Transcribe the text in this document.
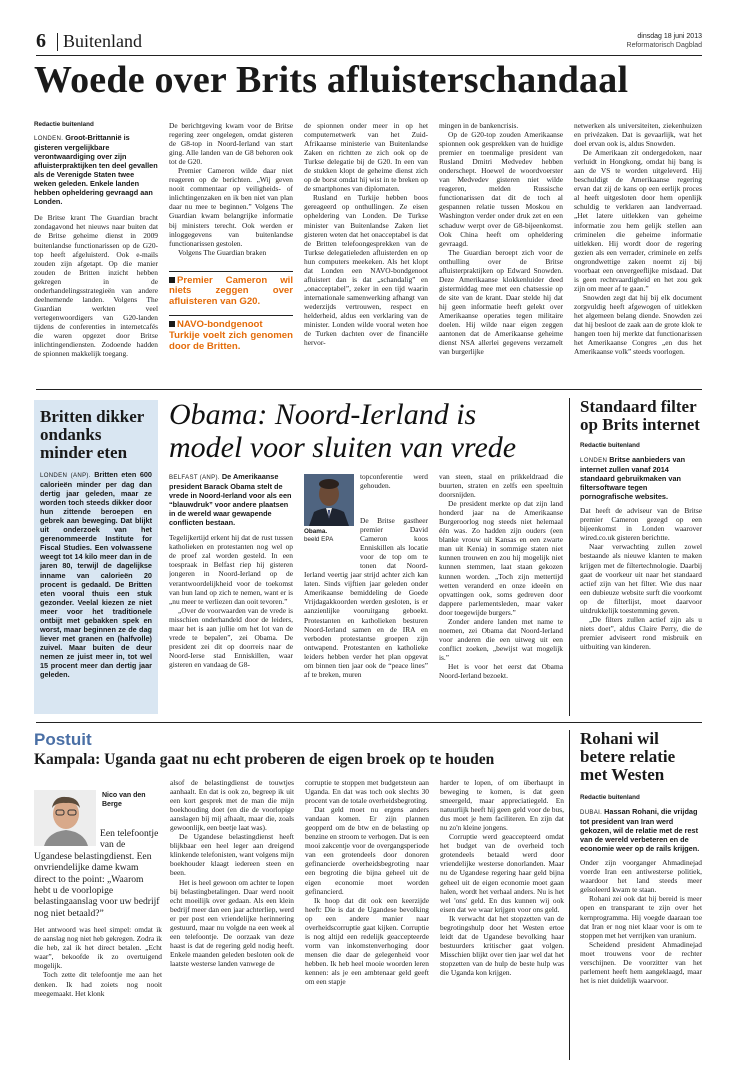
6 Buitenland	dinsdag 18 juni 2013
Reformatorisch Dagblad
Woede over Brits afluisterschandaal
Redactie buitenland
LONDEN. Groot-Brittannië is gisteren vergelijkbare verontwaardiging over zijn afluisterpraktijken ten deel gevallen als de Verenigde Staten twee weken geleden. Enkele landen hebben opheldering gevraagd aan Londen.

De Britse krant The Guardian bracht zondagavond het nieuws naar buiten dat de Britse geheime dienst in 2009 buitenlandse functionarissen op de G20-top heeft afgeluisterd. Ook e-mails zouden zijn afgetapt. Op die manier zouden de Britten inzicht hebben gekregen in de onderhandelingsstrategieën van andere deelnemende landen. Volgens The Guardian werkten veel vertegenwoordigers van G20-landen tijdens de conferenties in internetcafés die waren opgezet door Britse inlichtingendiensten. Zodoende hadden de spionnen makkelijk toegang.

De berichtgeving kwam voor de Britse regering zeer ongelegen, omdat gisteren de G8-top in Noord-Ierland van start ging. Alle landen van de G8 behoren ook tot de G20.

Premier Cameron wilde daar niet reageren op de berichten. „Wij geven nooit commentaar op veiligheids- of inlichtingenzaken en ik ben niet van plan daar nu mee te beginnen.” Volgens The Guardian kwam belangrijke informatie bij ministers terecht. Ook werden er inloggegevens van buitenlandse functionarissen gestolen.

Volgens The Guardian braken

Premier Cameron wil niets zeggen over afluisteren van G20.
NAVO-bondgenoot Turkije voelt zich genomen door de Britten.

de spionnen onder meer in op het computernetwerk van het Zuid-Afrikaanse ministerie van Buitenlandse Zaken en richtten ze zich ook op de Turkse delegatie bij de G20. In een van de stukken klopt de geheime dienst zich op de borst omdat hij wist in te breken op de smartphones van diplomaten.

Rusland en Turkije hebben boos gereageerd op onthullingen. Ze eisen opheldering van Londen. De Turkse minister van Buitenlandse Zaken liet gisteren weten dat het onacceptabel is dat de Britten telefoongesprekken van de Turkse delegatieleden afluisterden en op hun computers meekeken. Als het klopt dat Londen een NAVO-bondgenoot afluistert dan is dat „schandalig” en „onacceptabel”, zeker in een tijd waarin internationale samenwerking afhangt van wederzijds vertrouwen, respect en helderheid, aldus een verklaring van de minister. Londen wilde vooral weten hoe de Turken dachten over de financiële hervor-

mingen in de bankencrisis.

Op de G20-top zouden Amerikaanse spionnen ook gesprekken van de huidige premier en toenmalige president van Rusland Dmitri Medvedev hebben onderschept. Hoewel de woordvoerster van Medvedev gisteren niet wilde reageren, melden Russische functionarissen dat dit de toch al gespannen relatie tussen Moskou en Washington verder onder druk zet en een schaduw werpt over de G8-bijeenkomst. Ook China heeft om opheldering gevraagd.

The Guardian beroept zich voor de onthulling over de Britse afluisterpraktijken op Edward Snowden. Deze Amerikaanse klokkenluider deed gistermiddag mee met een chatsessie op de site van de krant. Daar stelde hij dat hij geen informatie heeft gelekt over Amerikaanse operaties tegen militaire doelen. Hij wilde naar eigen zeggen aantonen dat de Amerikaanse geheime dienst NSA allerlei gegevens verzamelt van burgerlijke

netwerken als universiteiten, ziekenhuizen en privézaken. Dat is gevaarlijk, wat het doel ervan ook is, aldus Snowden.

De Amerikaan zit ondergedoken, naar verluidt in Hongkong, omdat hij bang is aan de VS te worden uitgeleverd. Hij beschuldigt de Amerikaanse regering ervan dat zij de kans op een eerlijk proces al heeft uitgesloten door hem openlijk schuldig te verklaren aan landverraad. „Het latere uitlekken van geheime informatie zou hem gelijk stellen aan criminelen die geheime informatie uitlekken. Hij wordt door de regering gezien als een verrader, criminele en zelfs ongrondwettige zaken noemt zij bij voorbaat een onvergeeflijke misdaad. Dat is geen rechtvaardigheid en het zou gek zijn om meer af te gaan.”

Snowden zegt dat hij bij elk document zorgvuldig heeft afgewogen of uitlekken het algemeen belang diende. Snowden zei dat hij besloot de zaak aan de grote klok te hangen toen hij merkte dat functionarissen het Amerikaanse Congres „en dus het Amerikaanse volk” steeds voorlogen.

Britten dikker ondanks minder eten
LONDEN (ANP). Britten eten 600 calorieën minder per dag dan dertig jaar geleden, maar ze worden toch steeds dikker door hun zittende beroepen en gebrek aan beweging. Dat blijkt uit onderzoek van het gerenommeerde Institute for Fiscal Studies. Een volwassene weegt tot 14 kilo meer dan in de jaren 80, terwijl de dagelijkse inname van calorieën 20 procent is gedaald. De Britten eten vooral thuis een stuk gezonder. Veelal kiezen ze niet meer voor het traditionele ontbijt met gebakken spek en worst, maar beginnen ze de dag liever met granen en (halfvolle) zuivel. Maar buiten de deur nemen ze juist meer in, tot wel 15 procent meer dan dertig jaar geleden.
Obama: Noord-Ierland is
model voor sluiten van vrede
BELFAST (ANP). De Amerikaanse president Barack Obama stelt de vrede in Noord-Ierland voor als een “blauwdruk” voor andere plaatsen in de wereld waar gewapende conflicten bestaan.

Tegelijkertijd erkent hij dat de rust tussen katholieken en protestanten nog wel op de proef zal worden gesteld. In een toespraak in Belfast riep hij gisteren jongeren in Noord-Ierland op de verantwoordelijkheid voor de toekomst van hun land op zich te nemen, want er is „nu meer te verliezen dan ooit tevoren.”

„Over de voorwaarden van de vrede is misschien onderhandeld door de leiders, maar het is aan jullie om het lot van de vrede te bepalen”, zei Obama. De president zei dit op doorreis naar de Noord-Ierse stad Enniskillen, waar gisteren en vandaag de G8-

Obama.
beeld EPA

topconferentie werd gehouden.

De Britse gastheer premier David Cameron koos Enniskillen als locatie voor de top om te tonen dat Noord-Ierland veertig jaar strijd achter zich kan laten. Sinds vijftien jaar geleden onder Amerikaanse bemiddeling de Goede Vrijdagakkoorden werden gesloten, is er aanzienlijke vooruitgang geboekt. Protestanten en katholieken besturen Noord-Ierland samen en de IRA en verboden protestantse groepen zijn ontwapend. Protestanten en katholieke leiders hebben verder het plan opgevat om binnen tien jaar ook de “peace lines” af te breken, muren

van steen, staal en prikkeldraad die buurten, straten en zelfs een speeltuin doorsnijden.

De president merkte op dat zijn land honderd jaar na de Amerikaanse Burgeroorlog nog steeds niet helemaal één was. Zo hadden zijn ouders (een blanke vrouw uit Kansas en een zwarte man uit Kenia) in sommige staten niet kunnen trouwen en zou hij mogelijk niet kunnen stemmen, laat staan gekozen kunnen worden. „Toch zijn mettertijd wetten veranderd en onze ideeën en opvattingen ook, soms gedreven door dappere parlementsleden, maar vaker door toegewijde burgers.”

Zonder andere landen met name te noemen, zei Obama dat Noord-Ierland voor anderen die een uitweg uit een conflict zoeken, „bewijst wat mogelijk is.”

Het is voor het eerst dat Obama Noord-Ierland bezoekt.

Standaard filter op Brits internet
Redactie buitenland
LONDEN Britse aanbieders van internet zullen vanaf 2014 standaard gebruikmaken van filtersoftware tegen pornografische websites.

Dat heeft de adviseur van de Britse premier Cameron gezegd op een bijeenkomst in Londen waarover wired.co.uk gisteren berichtte.

Naar verwachting zullen zowel bestaande als nieuwe klanten te maken krijgen met de filtertechnologie. Daarbij gaat de voorkeur uit naar het standaard actief zijn van het filter. Wie dus naar een dubieuze website surft die voorkomt op de filterlijst, moet daarvoor uitdrukkelijk toestemming geven.

„De filters zullen actief zijn als u niets doet”, aldus Claire Perry, die de premier adviseert rond misbruik en uitbuiting van kinderen.

Postuit
Kampala: Uganda gaat nu echt proberen de eigen broek op te houden
Nico van den Berge
Een telefoontje van de Ugandese belastingdienst. Een onvriendelijke dame kwam direct to the point: „Waarom hebt u de voorlopige belastingaanslag voor uw bedrijf nog niet betaald?”

Het antwoord was heel simpel: omdat ik de aanslag nog niet heb gekregen. Zodra ik die heb, zal ik het direct betalen. „Echt waar”, bekoofde ik zo overtuigend mogelijk.

Toch zette dit telefoontje me aan het denken. Ik had zoiets nog nooit meegemaakt. Het klonk

alsof de belastingdienst de touwtjes aanhaalt. En dat is ook zo, begreep ik uit een kort gesprek met de man die mijn boekhouding doet (en die de voorlopige aanslagen bij mij afhaalt, maar die, zoals gewoonlijk, een beetje laat was).

De Ugandese belastingdienst heeft blijkbaar een heel leger aan dreigend klinkende telefonisten, want volgens mijn boekhouder klaagt iedereen steen en been.

Het is heel gewoon om achter te lopen bij belastingbetalingen. Daar werd nooit echt moeilijk over gedaan. Als een klein bedrijf meer dan een jaar achterliep, werd er per post een vriendelijke herinnering gestuurd, maar nu volgde na een week al een telefoontje. De oorzaak van deze haast is dat de regering geld nodig heeft. Enkele maanden geleden besloten ook de laatste westerse landen vanwege de

corruptie te stoppen met budgetsteun aan Uganda. En dat was toch ook slechts 30 procent van de totale overheidsbegroting.

Dat geld moet nu ergens anders vandaan komen. Er zijn plannen geopperd om de btw en de belasting op benzine en stroom te verhogen. Dat is een mooi zakcentje voor de overgangsperiode van een grotendeels door donoren gefinancierde overheidsbegroting naar een begroting die bijna geheel uit de eigen economie moet worden gefinancierd.

Ik hoop dat dit ook een keerzijde heeft: Die is dat de Ugandese bevolking op een andere manier naar overheidscorruptie gaat kijken. Corruptie is nog altijd een redelijk geaccepteerde vorm van inkomstenverhoging door mensen die daar de gelegenheid voor hebben. Ik heb heel mooie woorden leren kennen: als je een ambtenaar geld geeft om een stapje

harder te lopen, of om überhaupt in beweging te komen, is dat geen smeergeld, maar appreciatiegeld. En natuurlijk heeft hij geen geld voor de bus, dus moet je hem faciliteren. En zijn dat nu zo'n kleine jongens.

Corruptie werd geaccepteerd omdat het budget van de overheid toch grotendeels betaald werd door vriendelijke westerse donorlanden. Maar nu de Ugandese regering haar geld bijna geheel uit de eigen economie moet gaan halen, wordt het verhaal anders. Nu is het wel 'ons' geld. En dus kunnen wij ook eisen dat we waar krijgen voor ons geld.

Ik verwacht dat het stopzetten van de begrotingshulp door het Westen ertoe leidt dat de Ugandese bevolking haar bestuurders kritischer gaat volgen. Misschien blijkt over tien jaar wel dat het stopzetten van de hulp de beste hulp was die Uganda kon krijgen.

Rohani wil betere relatie met Westen
Redactie buitenland
DUBAI. Hassan Rohani, die vrijdag tot president van Iran werd gekozen, wil de relatie met de rest van de wereld verbeteren en de economie weer op de rails krijgen.

Onder zijn voorganger Ahmadinejad voerde Iran een antiwesterse politiek, waardoor het land steeds meer geïsoleerd kwam te staan.

Rohani zei ook dat hij bereid is meer open en transparant te zijn over het kernprogramma. Hij voegde daaraan toe dat Iran er nog niet klaar voor is om te stoppen met het verrijken van uranium.

Scheidend president Ahmadinejad moet trouwens voor de rechter verschijnen. De voorzitter van het parlement heeft hem aangeklaagd, maar het is niet duidelijk waarvoor.
